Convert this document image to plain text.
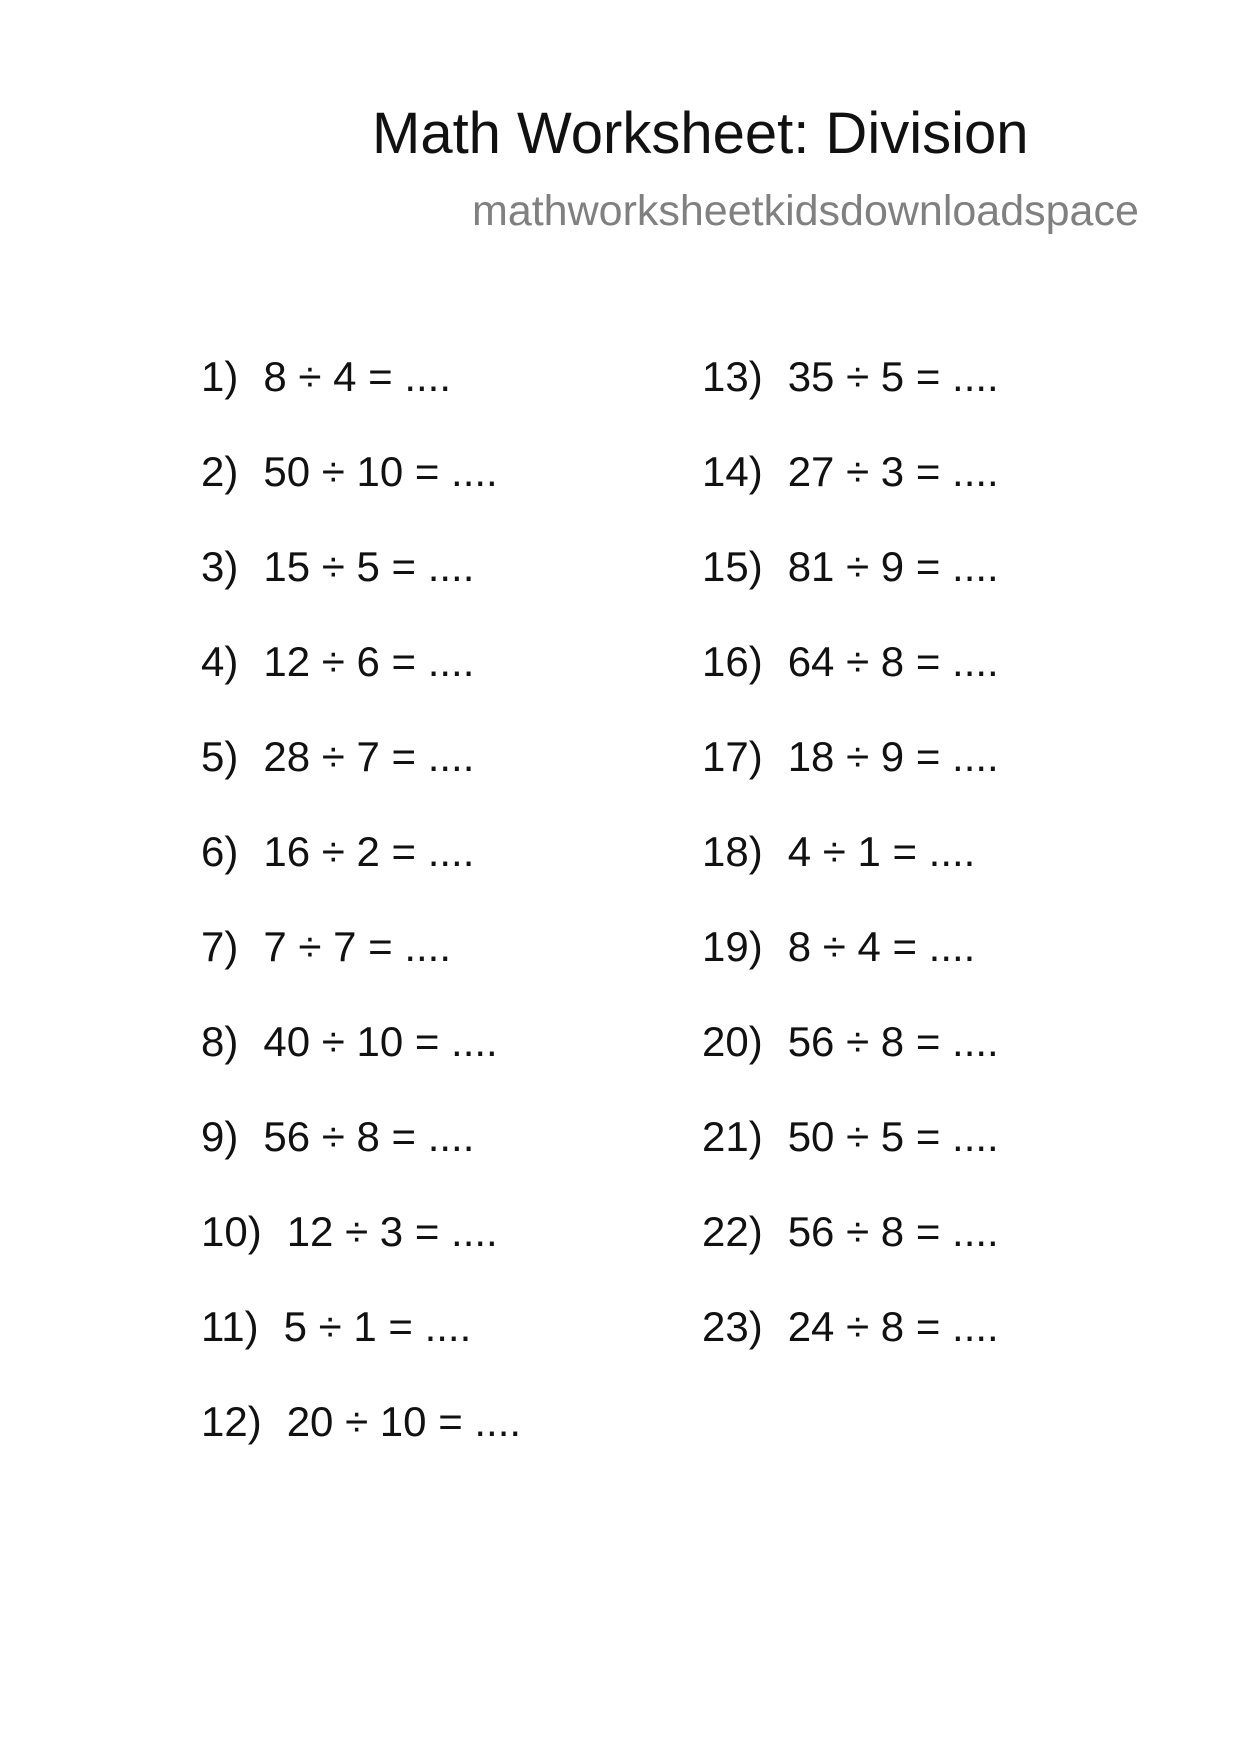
Math Worksheet: Division
mathworksheetkidsdownloadspace
1) 8 ÷ 4 = ....
2) 50 ÷ 10 = ....
3) 15 ÷ 5 = ....
4) 12 ÷ 6 = ....
5) 28 ÷ 7 = ....
6) 16 ÷ 2 = ....
7) 7 ÷ 7 = ....
8) 40 ÷ 10 = ....
9) 56 ÷ 8 = ....
10) 12 ÷ 3 = ....
11) 5 ÷ 1 = ....
12) 20 ÷ 10 = ....
13) 35 ÷ 5 = ....
14) 27 ÷ 3 = ....
15) 81 ÷ 9 = ....
16) 64 ÷ 8 = ....
17) 18 ÷ 9 = ....
18) 4 ÷ 1 = ....
19) 8 ÷ 4 = ....
20) 56 ÷ 8 = ....
21) 50 ÷ 5 = ....
22) 56 ÷ 8 = ....
23) 24 ÷ 8 = ....
